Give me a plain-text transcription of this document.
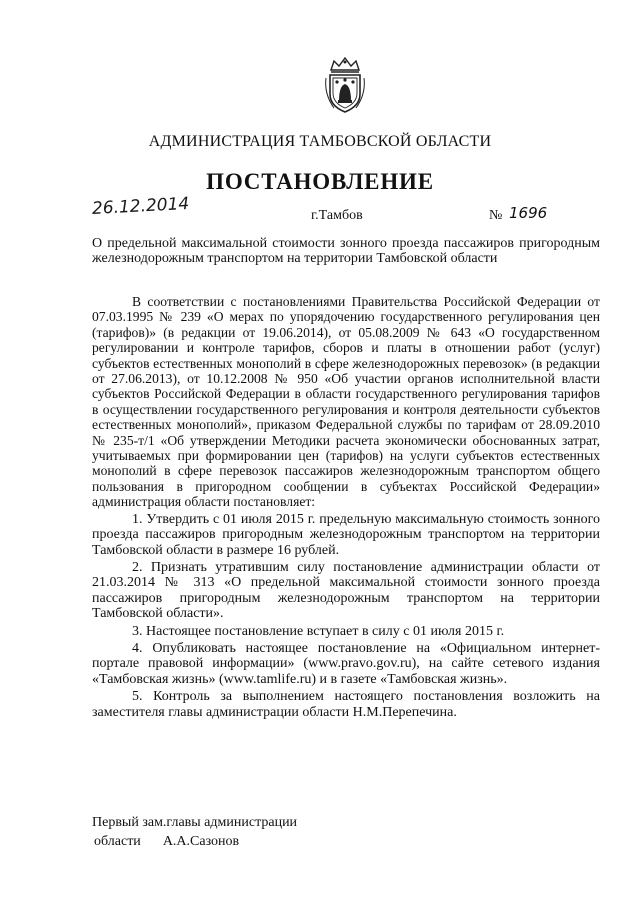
АДМИНИСТРАЦИЯ ТАМБОВСКОЙ ОБЛАСТИ
ПОСТАНОВЛЕНИЕ
26.12.2014	г.Тамбов	№ 1696
О предельной максимальной стоимости зонного проезда пассажиров пригородным железнодорожным транспортом на территории Тамбовской области

В соответствии с постановлениями Правительства Российской Федерации от 07.03.1995 № 239 «О мерах по упорядочению государственного регулирования цен (тарифов)» (в редакции от 19.06.2014), от 05.08.2009 № 643 «О государственном регулировании и контроле тарифов, сборов и платы в отношении работ (услуг) субъектов естественных монополий в сфере железнодорожных перевозок» (в редакции от 27.06.2013), от 10.12.2008 № 950 «Об участии органов исполнительной власти субъектов Российской Федерации в области государственного регулирования тарифов в осуществлении государственного регулирования и контроля деятельности субъектов естественных монополий», приказом Федеральной службы по тарифам от 28.09.2010 № 235-т/1 «Об утверждении Методики расчета экономически обоснованных затрат, учитываемых при формировании цен (тарифов) на услуги субъектов естественных монополий в сфере перевозок пассажиров железнодорожным транспортом общего пользования в пригородном сообщении в субъектах Российской Федерации» администрация области постановляет:

1. Утвердить с 01 июля 2015 г. предельную максимальную стоимость зонного проезда пассажиров пригородным железнодорожным транспортом на территории Тамбовской области в размере 16 рублей.

2. Признать утратившим силу постановление администрации области от 21.03.2014 № 313 «О предельной максимальной стоимости зонного проезда пассажиров пригородным железнодорожным транспортом на территории Тамбовской области».

3. Настоящее постановление вступает в силу с 01 июля 2015 г.

4. Опубликовать настоящее постановление на «Официальном интернет-портале правовой информации» (www.pravo.gov.ru), на сайте сетевого издания «Тамбовская жизнь» (www.tamlife.ru) и в газете «Тамбовская жизнь».

5. Контроль за выполнением настоящего постановления возложить на заместителя главы администрации области Н.М.Перепечина.

Первый зам.главы администрации
области А.А.Сазонов
